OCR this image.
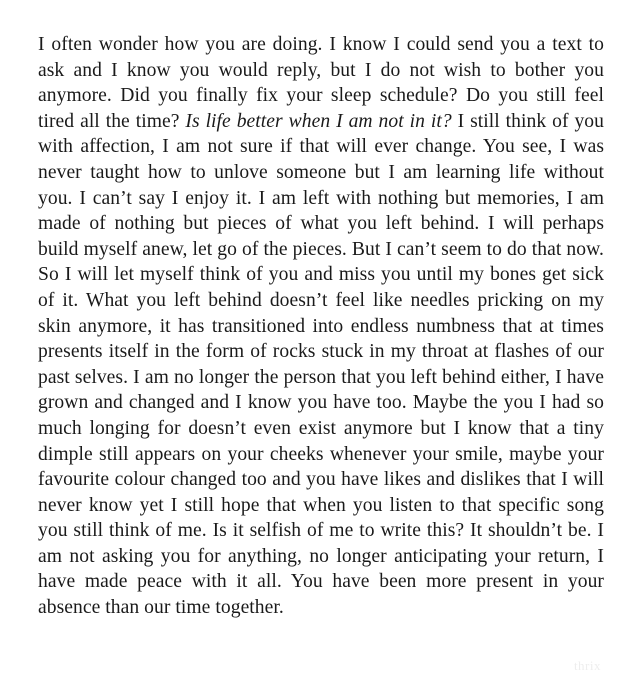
I often wonder how you are doing. I know I could send you a text to ask and I know you would reply, but I do not wish to bother you anymore. Did you finally fix your sleep schedule? Do you still feel tired all the time? Is life better when I am not in it? I still think of you with affection, I am not sure if that will ever change. You see, I was never taught how to unlove someone but I am learning life without you. I can’t say I enjoy it. I am left with nothing but memories, I am made of nothing but pieces of what you left behind. I will perhaps build myself anew, let go of the pieces. But I can’t seem to do that now. So I will let myself think of you and miss you until my bones get sick of it. What you left behind doesn’t feel like needles pricking on my skin anymore, it has transitioned into endless numbness that at times presents itself in the form of rocks stuck in my throat at flashes of our past selves. I am no longer the person that you left behind either, I have grown and changed and I know you have too. Maybe the you I had so much longing for doesn’t even exist anymore but I know that a tiny dimple still appears on your cheeks whenever your smile, maybe your favourite colour changed too and you have likes and dislikes that I will never know yet I still hope that when you listen to that specific song you still think of me. Is it selfish of me to write this? It shouldn’t be. I am not asking you for anything, no longer anticipating your return, I have made peace with it all. You have been more present in your absence than our time together.
thrix
